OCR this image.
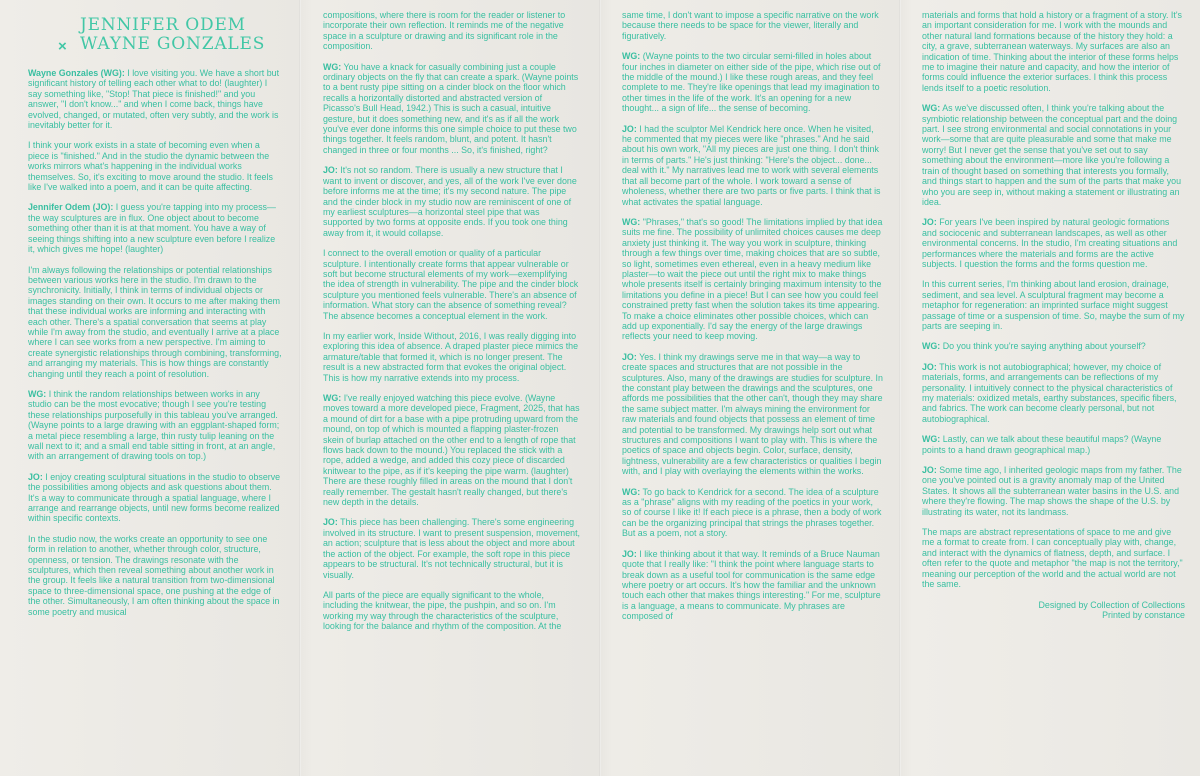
×
JENNIFER ODEM
WAYNE GONZALES

Wayne Gonzales (WG): I love visiting you. We have a short but significant history of telling each other what to do! (laughter) I say something like, "Stop! That piece is finished!" and you answer, "I don't know..." and when I come back, things have evolved, changed, or mutated, often very subtly, and the work is inevitably better for it.

I think your work exists in a state of becoming even when a piece is "finished." And in the studio the dynamic between the works mirrors what's happening in the individual works themselves. So, it's exciting to move around the studio. It feels like I've walked into a poem, and it can be quite affecting.

Jennifer Odem (JO): I guess you're tapping into my process—the way sculptures are in flux. One object about to become something other than it is at that moment. You have a way of seeing things shifting into a new sculpture even before I realize it, which gives me hope! (laughter)

I'm always following the relationships or potential relationships between various works here in the studio. I'm drawn to the synchronicity. Initially, I think in terms of individual objects or images standing on their own. It occurs to me after making them that these individual works are informing and interacting with each other. There's a spatial conversation that seems at play while I'm away from the studio, and eventually I arrive at a place where I can see works from a new perspective. I'm aiming to create synergistic relationships through combining, transforming, and arranging my materials. This is how things are constantly changing until they reach a point of resolution.

WG: I think the random relationships between works in any studio can be the most evocative; though I see you're testing these relationships purposefully in this tableau you've arranged. (Wayne points to a large drawing with an eggplant-shaped form; a metal piece resembling a large, thin rusty tulip leaning on the wall next to it; and a small end table sitting in front, at an angle, with an arrangement of drawing tools on top.)

JO: I enjoy creating sculptural situations in the studio to observe the possibilities among objects and ask questions about them. It's a way to communicate through a spatial language, where I arrange and rearrange objects, until new forms become realized within specific contexts.

In the studio now, the works create an opportunity to see one form in relation to another, whether through color, structure, openness, or tension. The drawings resonate with the sculptures, which then reveal something about another work in the group. It feels like a natural transition from two-dimensional space to three-dimensional space, one pushing at the edge of the other. Simultaneously, I am often thinking about the space in some poetry and musical

compositions, where there is room for the reader or listener to incorporate their own reflection. It reminds me of the negative space in a sculpture or drawing and its significant role in the composition.

WG: You have a knack for casually combining just a couple ordinary objects on the fly that can create a spark. (Wayne points to a bent rusty pipe sitting on a cinder block on the floor which recalls a horizontally distorted and abstracted version of Picasso's Bull Head, 1942.) This is such a casual, intuitive gesture, but it does something new, and it's as if all the work you've ever done informs this one simple choice to put these two things together. It feels random, blunt, and potent. It hasn't changed in three or four months ... So, it's finished, right?

JO: It's not so random. There is usually a new structure that I want to invent or discover, and yes, all of the work I've ever done before informs me at the time; it's my second nature. The pipe and the cinder block in my studio now are reminiscent of one of my earliest sculptures—a horizontal steel pipe that was supported by two forms at opposite ends. If you took one thing away from it, it would collapse.

I connect to the overall emotion or quality of a particular sculpture. I intentionally create forms that appear vulnerable or soft but become structural elements of my work—exemplifying the idea of strength in vulnerability. The pipe and the cinder block sculpture you mentioned feels vulnerable. There's an absence of information. What story can the absence of something reveal? The absence becomes a conceptual element in the work.

In my earlier work, Inside Without, 2016, I was really digging into exploring this idea of absence. A draped plaster piece mimics the armature/table that formed it, which is no longer present. The result is a new abstracted form that evokes the original object. This is how my narrative extends into my process.

WG: I've really enjoyed watching this piece evolve. (Wayne moves toward a more developed piece, Fragment, 2025, that has a mound of dirt for a base with a pipe protruding upward from the mound, on top of which is mounted a flapping plaster-frozen skein of burlap attached on the other end to a length of rope that flows back down to the mound.) You replaced the stick with a rope, added a wedge, and added this cozy piece of discarded knitwear to the pipe, as if it's keeping the pipe warm. (laughter) There are these roughly filled in areas on the mound that I don't really remember. The gestalt hasn't really changed, but there's new depth in the details.

JO: This piece has been challenging. There's some engineering involved in its structure. I want to present suspension, movement, an action; sculpture that is less about the object and more about the action of the object. For example, the soft rope in this piece appears to be structural. It's not technically structural, but it is visually.

All parts of the piece are equally significant to the whole, including the knitwear, the pipe, the pushpin, and so on. I'm working my way through the characteristics of the sculpture, looking for the balance and rhythm of the composition. At the

same time, I don't want to impose a specific narrative on the work because there needs to be space for the viewer, literally and figuratively.

WG: (Wayne points to the two circular semi-filled in holes about four inches in diameter on either side of the pipe, which rise out of the middle of the mound.) I like these rough areas, and they feel complete to me. They're like openings that lead my imagination to other times in the life of the work. It's an opening for a new thought... a sign of life... the sense of becoming.

JO: I had the sculptor Mel Kendrick here once. When he visited, he commented that my pieces were like "phrases." And he said about his own work, "All my pieces are just one thing. I don't think in terms of parts." He's just thinking: "Here's the object... done... deal with it." My narratives lead me to work with several elements that all become part of the whole. I work toward a sense of wholeness, whether there are two parts or five parts. I think that is what activates the spatial language.

WG: "Phrases," that's so good! The limitations implied by that idea suits me fine. The possibility of unlimited choices causes me deep anxiety just thinking it. The way you work in sculpture, thinking through a few things over time, making choices that are so subtle, so light, sometimes even ethereal, even in a heavy medium like plaster—to wait the piece out until the right mix to make things whole presents itself is certainly bringing maximum intensity to the limitations you define in a piece! But I can see how you could feel constrained pretty fast when the solution takes its time appearing. To make a choice eliminates other possible choices, which can add up exponentially. I'd say the energy of the large drawings reflects your need to keep moving.

JO: Yes. I think my drawings serve me in that way—a way to create spaces and structures that are not possible in the sculptures. Also, many of the drawings are studies for sculpture. In the constant play between the drawings and the sculptures, one affords me possibilities that the other can't, though they may share the same subject matter. I'm always mining the environment for raw materials and found objects that possess an element of time and potential to be transformed. My drawings help sort out what structures and compositions I want to play with. This is where the poetics of space and objects begin. Color, surface, density, lightness, vulnerability are a few characteristics or qualities I begin with, and I play with overlaying the elements within the works.

WG: To go back to Kendrick for a second. The idea of a sculpture as a "phrase" aligns with my reading of the poetics in your work, so of course I like it! If each piece is a phrase, then a body of work can be the organizing principal that strings the phrases together. But as a poem, not a story.

JO: I like thinking about it that way. It reminds of a Bruce Nauman quote that I really like: "I think the point where language starts to break down as a useful tool for communication is the same edge where poetry or art occurs. It's how the familiar and the unknown touch each other that makes things interesting." For me, sculpture is a language, a means to communicate. My phrases are composed of

materials and forms that hold a history or a fragment of a story. It's an important consideration for me. I work with the mounds and other natural land formations because of the history they hold: a city, a grave, subterranean waterways. My surfaces are also an indication of time. Thinking about the interior of these forms helps me to imagine their nature and capacity, and how the interior of forms could influence the exterior surfaces. I think this process lends itself to a poetic resolution.

WG: As we've discussed often, I think you're talking about the symbiotic relationship between the conceptual part and the doing part. I see strong environmental and social connotations in your work—some that are quite pleasurable and some that make me worry! But I never get the sense that you've set out to say something about the environment—more like you're following a train of thought based on something that interests you formally, and things start to happen and the sum of the parts that make you who you are seep in, without making a statement or illustrating an idea.

JO: For years I've been inspired by natural geologic formations and sociocenic and subterranean landscapes, as well as other environmental concerns. In the studio, I'm creating situations and performances where the materials and forms are the active subjects. I question the forms and the forms question me.

In this current series, I'm thinking about land erosion, drainage, sediment, and sea level. A sculptural fragment may become a metaphor for regeneration: an imprinted surface might suggest passage of time or a suspension of time. So, maybe the sum of my parts are seeping in.

WG: Do you think you're saying anything about yourself?

JO: This work is not autobiographical; however, my choice of materials, forms, and arrangements can be reflections of my personality. I intuitively connect to the physical characteristics of my materials: oxidized metals, earthy substances, specific fibers, and fabrics. The work can become clearly personal, but not autobiographical.

WG: Lastly, can we talk about these beautiful maps? (Wayne points to a hand drawn geographical map.)

JO: Some time ago, I inherited geologic maps from my father. The one you've pointed out is a gravity anomaly map of the United States. It shows all the subterranean water basins in the U.S. and where they're flowing. The map shows the shape of the U.S. by illustrating its water, not its landmass.

The maps are abstract representations of space to me and give me a format to create from. I can conceptually play with, change, and interact with the dynamics of flatness, depth, and surface. I often refer to the quote and metaphor "the map is not the territory," meaning our perception of the world and the actual world are not the same.

Designed by Collection of Collections

Printed by constance
